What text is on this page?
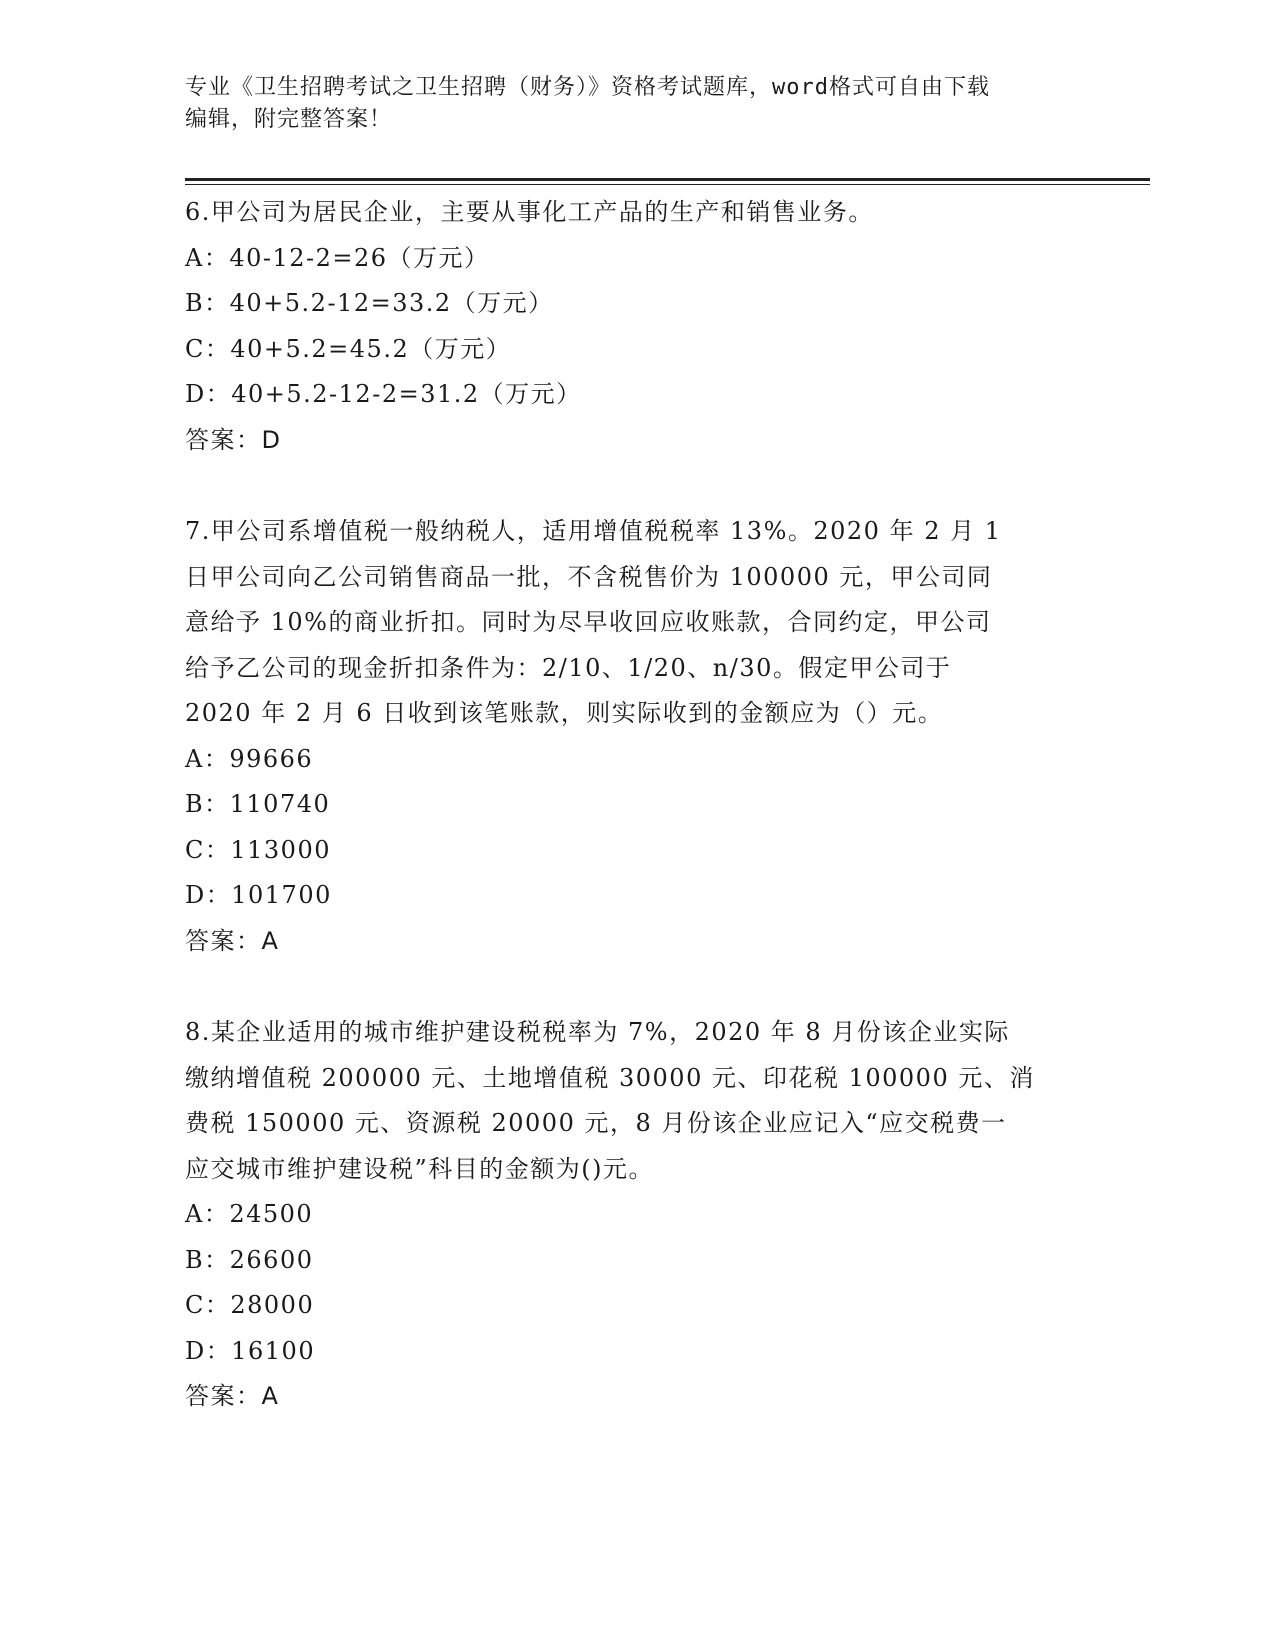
专业《卫生招聘考试之卫生招聘（财务）》资格考试题库，word格式可自由下载
编辑，附完整答案！
6.甲公司为居民企业，主要从事化工产品的生产和销售业务。
A：40-12-2=26（万元）
B：40+5.2-12=33.2（万元）
C：40+5.2=45.2（万元）
D：40+5.2-12-2=31.2（万元）
答案：D
7.甲公司系增值税一般纳税人，适用增值税税率 13%。2020 年 2 月 1
日甲公司向乙公司销售商品一批，不含税售价为 100000 元，甲公司同
意给予 10%的商业折扣。同时为尽早收回应收账款，合同约定，甲公司
给予乙公司的现金折扣条件为：2/10、1/20、n/30。假定甲公司于
2020 年 2 月 6 日收到该笔账款，则实际收到的金额应为（）元。
A：99666
B：110740
C：113000
D：101700
答案：A
8.某企业适用的城市维护建设税税率为 7%，2020 年 8 月份该企业实际
缴纳增值税 200000 元、土地增值税 30000 元、印花税 100000 元、消
费税 150000 元、资源税 20000 元，8 月份该企业应记入“应交税费一
应交城市维护建设税”科目的金额为()元。
A：24500
B：26600
C：28000
D：16100
答案：A
